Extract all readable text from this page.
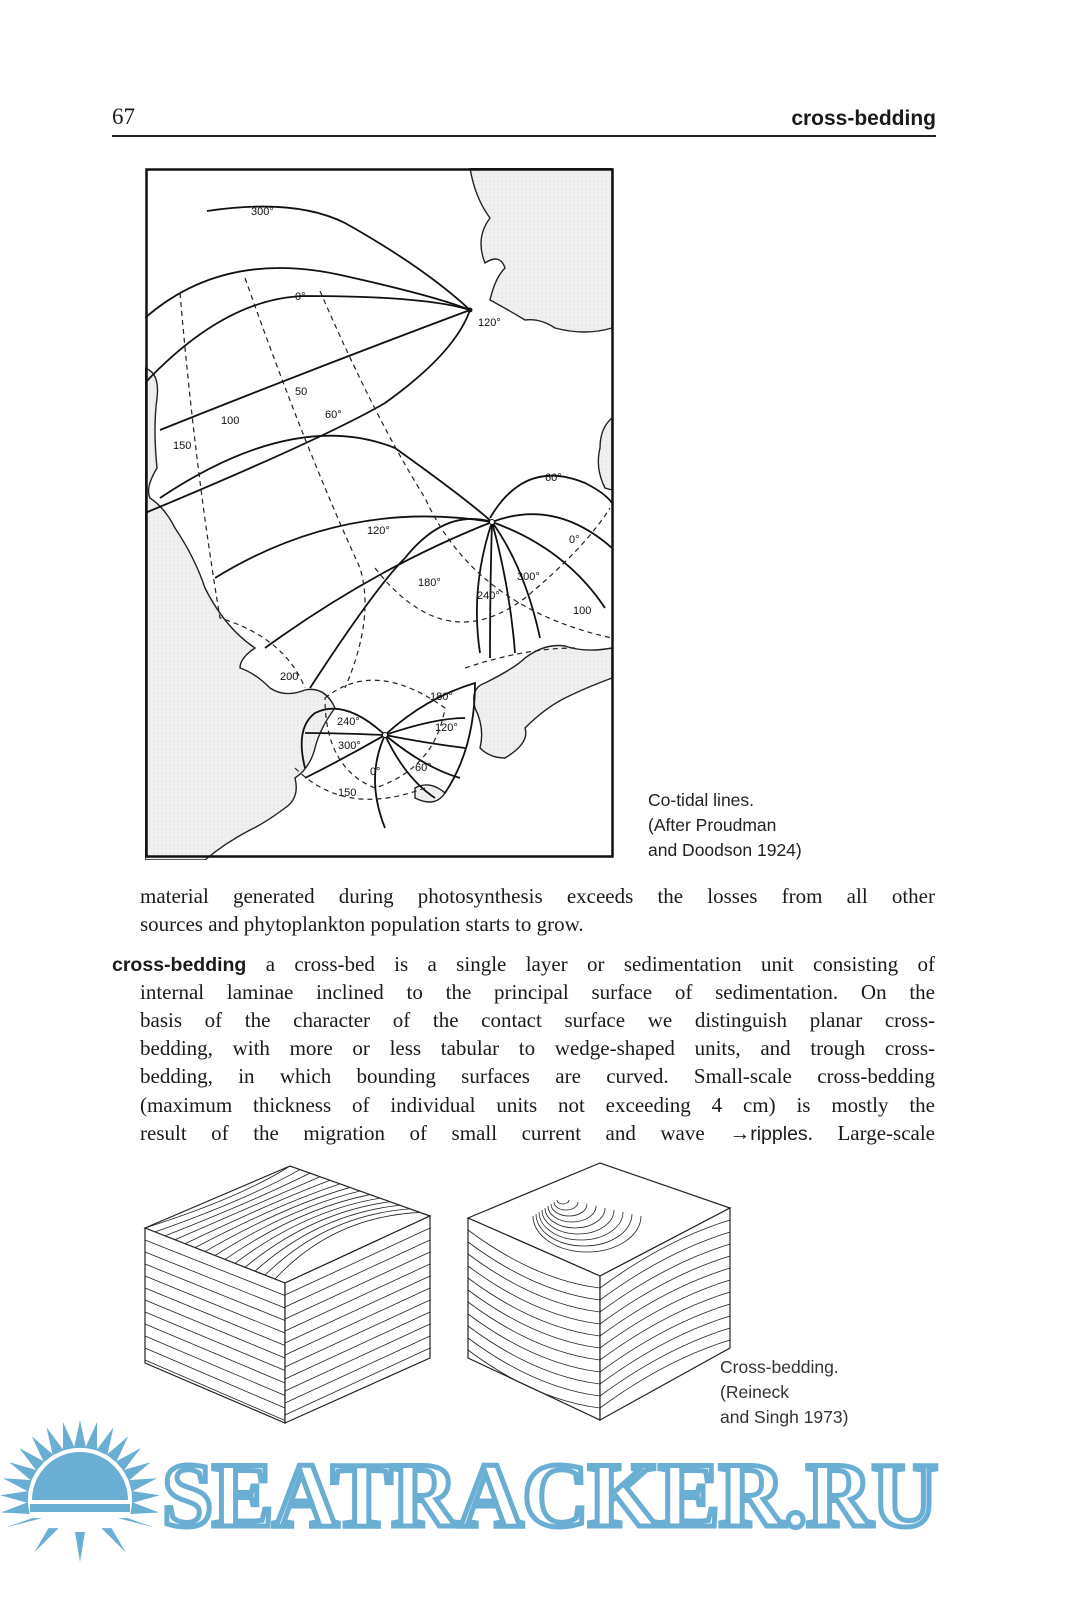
67	cross-bedding
300°
0°
120°
50
100	60°
150
60°
120°
0°
180°	300°
240°
100
200
180°
240°	120°
300°
60°
0°
150	Co-tidal lines.
(After Proudman
and Doodson 1924)
material generated during photosynthesis exceeds the losses from all other
sources and phytoplankton population starts to grow.
cross-bedding a cross-bed is a single layer or sedimentation unit consisting of
internal laminae inclined to the principal surface of sedimentation. On the
basis of the character of the contact surface we distinguish planar cross-
bedding, with more or less tabular to wedge-shaped units, and trough cross-
bedding, in which bounding surfaces are curved. Small-scale cross-bedding
(maximum thickness of individual units not exceeding 4 cm) is mostly the
result of the migration of small current and wave →ripples. Large-scale
Cross-bedding.
(Reineck
and Singh 1973)
SEATRACKER.RU
